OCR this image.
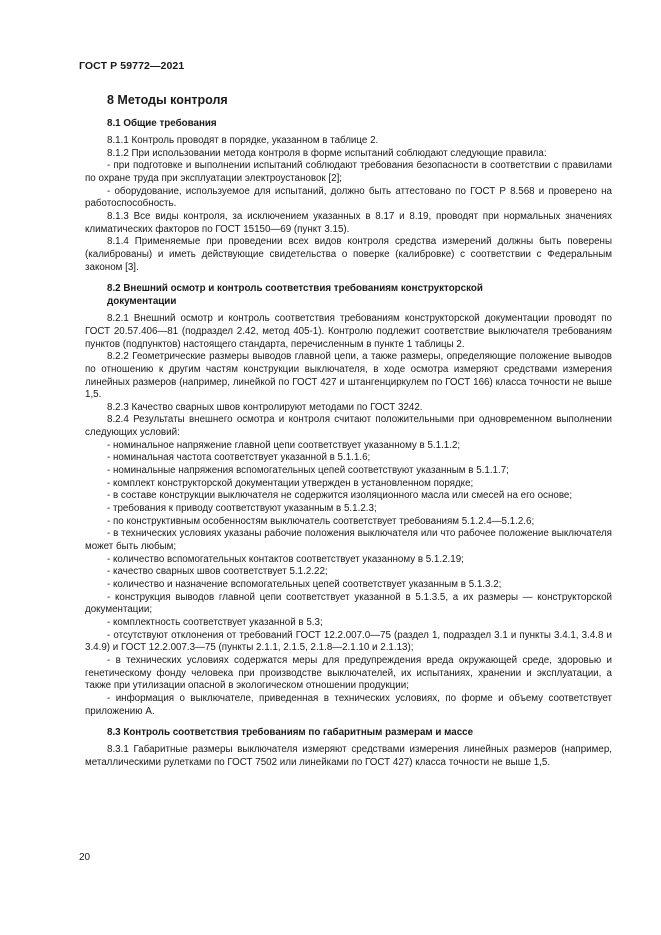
ГОСТ Р 59772—2021
8 Методы контроля
8.1 Общие требования

8.1.1 Контроль проводят в порядке, указанном в таблице 2.

8.1.2 При использовании метода контроля в форме испытаний соблюдают следующие правила:

- при подготовке и выполнении испытаний соблюдают требования безопасности в соответствии с правилами по охране труда при эксплуатации электроустановок [2];

- оборудование, используемое для испытаний, должно быть аттестовано по ГОСТ Р 8.568 и проверено на работоспособность.

8.1.3 Все виды контроля, за исключением указанных в 8.17 и 8.19, проводят при нормальных значениях климатических факторов по ГОСТ 15150—69 (пункт 3.15).

8.1.4 Применяемые при проведении всех видов контроля средства измерений должны быть поверены (калиброваны) и иметь действующие свидетельства о поверке (калибровке) с соответствии с Федеральным законом [3].

8.2 Внешний осмотр и контроль соответствия требованиям конструкторской
документации

8.2.1 Внешний осмотр и контроль соответствия требованиям конструкторской документации проводят по ГОСТ 20.57.406—81 (подраздел 2.42, метод 405-1). Контролю подлежит соответствие выключателя требованиям пунктов (подпунктов) настоящего стандарта, перечисленным в пункте 1 таблицы 2.

8.2.2 Геометрические размеры выводов главной цепи, а также размеры, определяющие положение выводов по отношению к другим частям конструкции выключателя, в ходе осмотра измеряют средствами измерения линейных размеров (например, линейкой по ГОСТ 427 и штангенциркулем по ГОСТ 166) класса точности не выше 1,5.

8.2.3 Качество сварных швов контролируют методами по ГОСТ 3242.

8.2.4 Результаты внешнего осмотра и контроля считают положительными при одновременном выполнении следующих условий:

- номинальное напряжение главной цепи соответствует указанному в 5.1.1.2;

- номинальная частота соответствует указанной в 5.1.1.6;

- номинальные напряжения вспомогательных цепей соответствуют указанным в 5.1.1.7;

- комплект конструкторской документации утвержден в установленном порядке;

- в составе конструкции выключателя не содержится изоляционного масла или смесей на его основе;

- требования к приводу соответствуют указанным в 5.1.2.3;

- по конструктивным особенностям выключатель соответствует требованиям 5.1.2.4—5.1.2.6;

- в технических условиях указаны рабочие положения выключателя или что рабочее положение выключателя может быть любым;

- количество вспомогательных контактов соответствует указанному в 5.1.2.19;

- качество сварных швов соответствует 5.1.2.22;

- количество и назначение вспомогательных цепей соответствует указанным в 5.1.3.2;

- конструкция выводов главной цепи соответствует указанной в 5.1.3.5, а их размеры — конструкторской документации;

- комплектность соответствует указанной в 5.3;

- отсутствуют отклонения от требований ГОСТ 12.2.007.0—75 (раздел 1, подраздел 3.1 и пункты 3.4.1, 3.4.8 и 3.4.9) и ГОСТ 12.2.007.3—75 (пункты 2.1.1, 2.1.5, 2.1.8—2.1.10 и 2.1.13);

- в технических условиях содержатся меры для предупреждения вреда окружающей среде, здоровью и генетическому фонду человека при производстве выключателей, их испытаниях, хранении и эксплуатации, а также при утилизации опасной в экологическом отношении продукции;

- информация о выключателе, приведенная в технических условиях, по форме и объему соответствует приложению А.

8.3 Контроль соответствия требованиям по габаритным размерам и массе

8.3.1 Габаритные размеры выключателя измеряют средствами измерения линейных размеров (например, металлическими рулетками по ГОСТ 7502 или линейками по ГОСТ 427) класса точности не выше 1,5.

20
